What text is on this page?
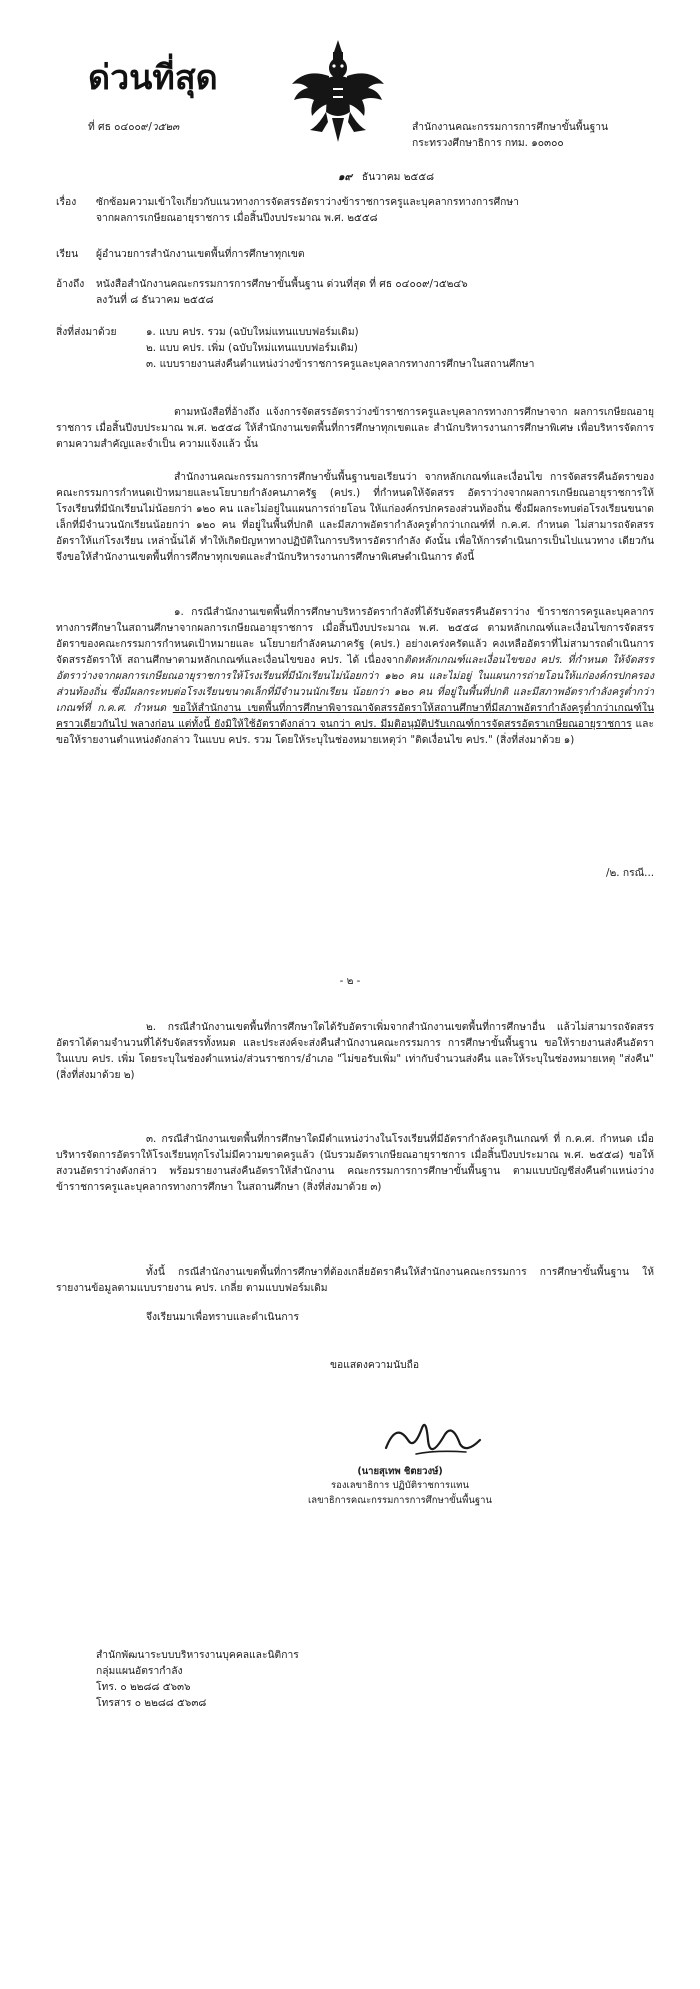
ด่วนที่สุด
ที่ ศธ ๐๔๐๐๙/ว๕๒๓	สำนักงานคณะกรรมการการศึกษาขั้นพื้นฐาน
กระทรวงศึกษาธิการ กทม. ๑๐๓๐๐
๑๙ ธันวาคม ๒๕๕๘
เรื่อง ซักซ้อมความเข้าใจเกี่ยวกับแนวทางการจัดสรรอัตราว่างข้าราชการครูและบุคลากรทางการศึกษา
จากผลการเกษียณอายุราชการ เมื่อสิ้นปีงบประมาณ พ.ศ. ๒๕๕๘
เรียน ผู้อำนวยการสำนักงานเขตพื้นที่การศึกษาทุกเขต
อ้างถึง หนังสือสำนักงานคณะกรรมการการศึกษาขั้นพื้นฐาน ด่วนที่สุด ที่ ศธ ๐๔๐๐๙/ว๕๒๔๖
ลงวันที่ ๘ ธันวาคม ๒๕๕๘
สิ่งที่ส่งมาด้วย	๑. แบบ คปร. รวม (ฉบับใหม่แทนแบบฟอร์มเดิม)
๒. แบบ คปร. เพิ่ม (ฉบับใหม่แทนแบบฟอร์มเดิม)
๓. แบบรายงานส่งคืนตำแหน่งว่างข้าราชการครูและบุคลากรทางการศึกษาในสถานศึกษา
ตามหนังสือที่อ้างถึง แจ้งการจัดสรรอัตราว่างข้าราชการครูและบุคลากรทางการศึกษาจาก ผลการเกษียณอายุราชการ เมื่อสิ้นปีงบประมาณ พ.ศ. ๒๕๕๘ ให้สำนักงานเขตพื้นที่การศึกษาทุกเขตและ สำนักบริหารงานการศึกษาพิเศษ เพื่อบริหารจัดการตามความสำคัญและจำเป็น ความแจ้งแล้ว นั้น
สำนักงานคณะกรรมการการศึกษาขั้นพื้นฐานขอเรียนว่า จากหลักเกณฑ์และเงื่อนไข การจัดสรรคืนอัตราของคณะกรรมการกำหนดเป้าหมายและนโยบายกำลังคนภาครัฐ (คปร.) ที่กำหนดให้จัดสรร อัตราว่างจากผลการเกษียณอายุราชการให้โรงเรียนที่มีนักเรียนไม่น้อยกว่า ๑๒๐ คน และไม่อยู่ในแผนการถ่ายโอน ให้แก่องค์กรปกครองส่วนท้องถิ่น ซึ่งมีผลกระทบต่อโรงเรียนขนาดเล็กที่มีจำนวนนักเรียนน้อยกว่า ๑๒๐ คน ที่อยู่ในพื้นที่ปกติ และมีสภาพอัตรากำลังครูต่ำกว่าเกณฑ์ที่ ก.ค.ศ. กำหนด ไม่สามารถจัดสรรอัตราให้แก่โรงเรียน เหล่านั้นได้ ทำให้เกิดปัญหาทางปฏิบัติในการบริหารอัตรากำลัง ดังนั้น เพื่อให้การดำเนินการเป็นไปแนวทาง เดียวกัน จึงขอให้สำนักงานเขตพื้นที่การศึกษาทุกเขตและสำนักบริหารงานการศึกษาพิเศษดำเนินการ ดังนี้
๑. กรณีสำนักงานเขตพื้นที่การศึกษาบริหารอัตรากำลังที่ได้รับจัดสรรคืนอัตราว่าง ข้าราชการครูและบุคลากรทางการศึกษาในสถานศึกษาจากผลการเกษียณอายุราชการ เมื่อสิ้นปีงบประมาณ พ.ศ. ๒๕๕๘ ตามหลักเกณฑ์และเงื่อนไขการจัดสรรอัตราของคณะกรรมการกำหนดเป้าหมายและ นโยบายกำลังคนภาครัฐ (คปร.) อย่างเคร่งครัดแล้ว คงเหลืออัตราที่ไม่สามารถดำเนินการจัดสรรอัตราให้ สถานศึกษาตามหลักเกณฑ์และเงื่อนไขของ คปร. ได้ เนื่องจากติดหลักเกณฑ์และเงื่อนไขของ คปร. ที่กำหนด ให้จัดสรรอัตราว่างจากผลการเกษียณอายุราชการให้โรงเรียนที่มีนักเรียนไม่น้อยกว่า ๑๒๐ คน และไม่อยู่ ในแผนการถ่ายโอนให้แก่องค์กรปกครองส่วนท้องถิ่น ซึ่งมีผลกระทบต่อโรงเรียนขนาดเล็กที่มีจำนวนนักเรียน น้อยกว่า ๑๒๐ คน ที่อยู่ในพื้นที่ปกติ และมีสภาพอัตรากำลังครูต่ำกว่าเกณฑ์ที่ ก.ค.ศ. กำหนด ขอให้สำนักงาน เขตพื้นที่การศึกษาพิจารณาจัดสรรอัตราให้สถานศึกษาที่มีสภาพอัตรากำลังครูต่ำกว่าเกณฑ์ในคราวเดียวกันไป พลางก่อน แต่ทั้งนี้ ยังมิให้ใช้อัตราดังกล่าว จนกว่า คปร. มีมติอนุมัติปรับเกณฑ์การจัดสรรอัตราเกษียณอายุราชการ และขอให้รายงานตำแหน่งดังกล่าว ในแบบ คปร. รวม โดยให้ระบุในช่องหมายเหตุว่า "ติดเงื่อนไข คปร." (สิ่งที่ส่งมาด้วย ๑)
/๒. กรณี...
- ๒ -
๒. กรณีสำนักงานเขตพื้นที่การศึกษาใดได้รับอัตราเพิ่มจากสำนักงานเขตพื้นที่การศึกษาอื่น แล้วไม่สามารถจัดสรรอัตราได้ตามจำนวนที่ได้รับจัดสรรทั้งหมด และประสงค์จะส่งคืนสำนักงานคณะกรรมการ การศึกษาขั้นพื้นฐาน ขอให้รายงานส่งคืนอัตราในแบบ คปร. เพิ่ม โดยระบุในช่องตำแหน่ง/ส่วนราชการ/อำเภอ "ไม่ขอรับเพิ่ม" เท่ากับจำนวนส่งคืน และให้ระบุในช่องหมายเหตุ "ส่งคืน" (สิ่งที่ส่งมาด้วย ๒)
๓. กรณีสำนักงานเขตพื้นที่การศึกษาใดมีตำแหน่งว่างในโรงเรียนที่มีอัตรากำลังครูเกินเกณฑ์ ที่ ก.ค.ศ. กำหนด เมื่อบริหารจัดการอัตราให้โรงเรียนทุกโรงไม่มีความขาดครูแล้ว (นับรวมอัตราเกษียณอายุราชการ เมื่อสิ้นปีงบประมาณ พ.ศ. ๒๕๕๘) ขอให้สงวนอัตราว่างดังกล่าว พร้อมรายงานส่งคืนอัตราให้สำนักงาน คณะกรรมการการศึกษาขั้นพื้นฐาน ตามแบบบัญชีส่งคืนตำแหน่งว่างข้าราชการครูและบุคลากรทางการศึกษา ในสถานศึกษา (สิ่งที่ส่งมาด้วย ๓)
ทั้งนี้ กรณีสำนักงานเขตพื้นที่การศึกษาที่ต้องเกลี่ยอัตราคืนให้สำนักงานคณะกรรมการ การศึกษาขั้นพื้นฐาน ให้รายงานข้อมูลตามแบบรายงาน คปร. เกลี่ย ตามแบบฟอร์มเดิม
จึงเรียนมาเพื่อทราบและดำเนินการ
ขอแสดงความนับถือ
(นายสุเทพ ชิตยวงษ์)
รองเลขาธิการ ปฏิบัติราชการแทน
เลขาธิการคณะกรรมการการศึกษาขั้นพื้นฐาน
สำนักพัฒนาระบบบริหารงานบุคคลและนิติการ
กลุ่มแผนอัตรากำลัง
โทร. ๐ ๒๒๘๘ ๕๖๓๖
โทรสาร ๐ ๒๒๘๘ ๕๖๓๘
